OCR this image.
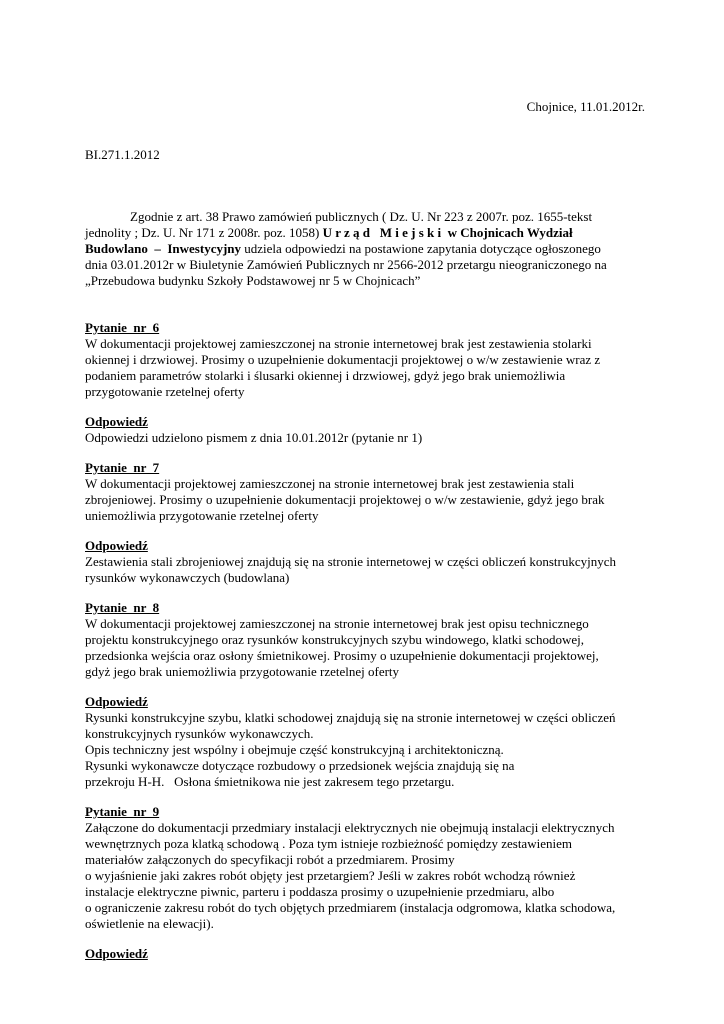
Chojnice, 11.01.2012r.
BI.271.1.2012

Zgodnie z art. 38 Prawo zamówień publicznych ( Dz. U. Nr 223 z 2007r. poz. 1655-tekst
jednolity ; Dz. U. Nr 171 z 2008r. poz. 1058) U r z ą d   M i e j s k i  w Chojnicach Wydział
Budowlano  –  Inwestycyjny udziela odpowiedzi na postawione zapytania dotyczące ogłoszonego
dnia 03.01.2012r w Biuletynie Zamówień Publicznych nr 2566-2012 przetargu nieograniczonego na
„Przebudowa budynku Szkoły Podstawowej nr 5 w Chojnicach”

Pytanie  nr  6
W dokumentacji projektowej zamieszczonej na stronie internetowej brak jest zestawienia stolarki
okiennej i drzwiowej. Prosimy o uzupełnienie dokumentacji projektowej o w/w zestawienie wraz z
podaniem parametrów stolarki i ślusarki okiennej i drzwiowej, gdyż jego brak uniemożliwia
przygotowanie rzetelnej oferty
Odpowiedź
Odpowiedzi udzielono pismem z dnia 10.01.2012r (pytanie nr 1)
Pytanie  nr  7
W dokumentacji projektowej zamieszczonej na stronie internetowej brak jest zestawienia stali
zbrojeniowej. Prosimy o uzupełnienie dokumentacji projektowej o w/w zestawienie, gdyż jego brak
uniemożliwia przygotowanie rzetelnej oferty
Odpowiedź
Zestawienia stali zbrojeniowej znajdują się na stronie internetowej w części obliczeń konstrukcyjnych
rysunków wykonawczych (budowlana)
Pytanie  nr  8
W dokumentacji projektowej zamieszczonej na stronie internetowej brak jest opisu technicznego
projektu konstrukcyjnego oraz rysunków konstrukcyjnych szybu windowego, klatki schodowej,
przedsionka wejścia oraz osłony śmietnikowej. Prosimy o uzupełnienie dokumentacji projektowej,
gdyż jego brak uniemożliwia przygotowanie rzetelnej oferty
Odpowiedź
Rysunki konstrukcyjne szybu, klatki schodowej znajdują się na stronie internetowej w części obliczeń
konstrukcyjnych rysunków wykonawczych.
Opis techniczny jest wspólny i obejmuje część konstrukcyjną i architektoniczną.
Rysunki wykonawcze dotyczące rozbudowy o przedsionek wejścia znajdują się na
przekroju H-H.   Osłona śmietnikowa nie jest zakresem tego przetargu.
Pytanie  nr  9
Załączone do dokumentacji przedmiary instalacji elektrycznych nie obejmują instalacji elektrycznych
wewnętrznych poza klatką schodową . Poza tym istnieje rozbieżność pomiędzy zestawieniem
materiałów załączonych do specyfikacji robót a przedmiarem. Prosimy
o wyjaśnienie jaki zakres robót objęty jest przetargiem? Jeśli w zakres robót wchodzą również
instalacje elektryczne piwnic, parteru i poddasza prosimy o uzupełnienie przedmiaru, albo
o ograniczenie zakresu robót do tych objętych przedmiarem (instalacja odgromowa, klatka schodowa,
oświetlenie na elewacji).
Odpowiedź
